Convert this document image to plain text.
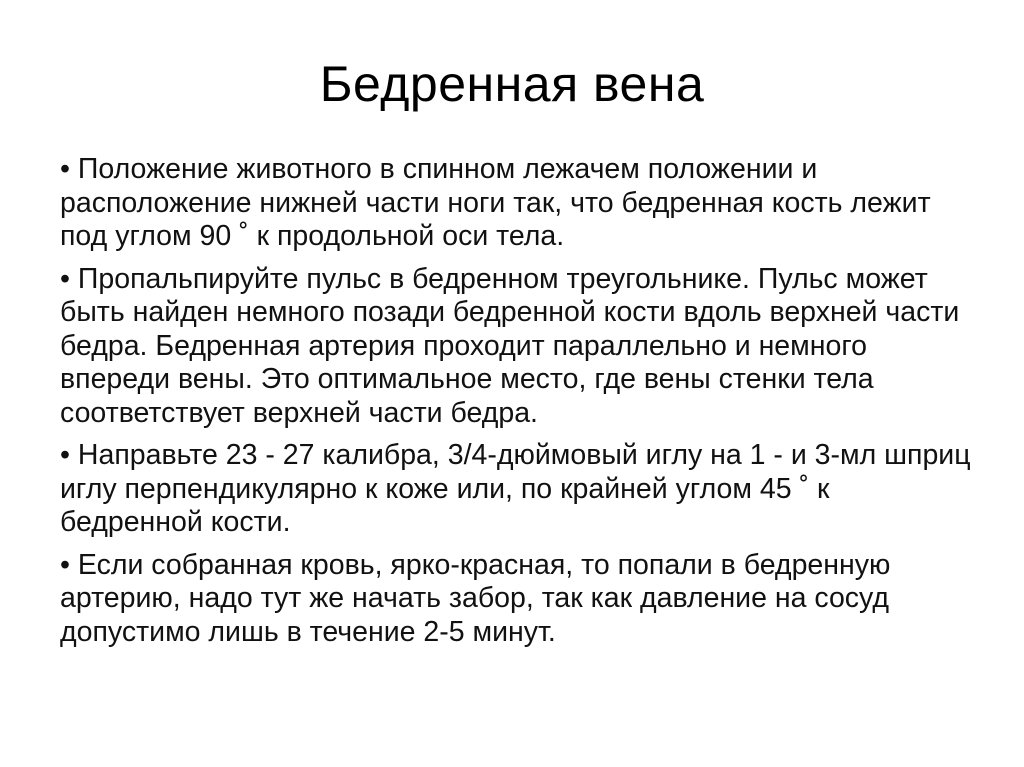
Бедренная вена
• Положение животного в спинном лежачем положении и расположение нижней части ноги так, что бедренная кость лежит под углом 90 ˚ к продольной оси тела.
• Пропальпируйте пульс в бедренном треугольнике. Пульс может быть найден немного позади бедренной кости вдоль верхней части бедра. Бедренная артерия проходит параллельно и немного впереди вены. Это оптимальное место, где вены стенки тела соответствует верхней части бедра.
• Направьте 23 - 27 калибра, 3/4-дюймовый иглу на 1 - и 3-мл шприц иглу перпендикулярно к коже или, по крайней углом 45 ˚ к бедренной кости.
• Если собранная кровь, ярко-красная, то попали в бедренную артерию, надо тут же начать забор, так как давление на сосуд допустимо лишь в течение 2-5 минут.
